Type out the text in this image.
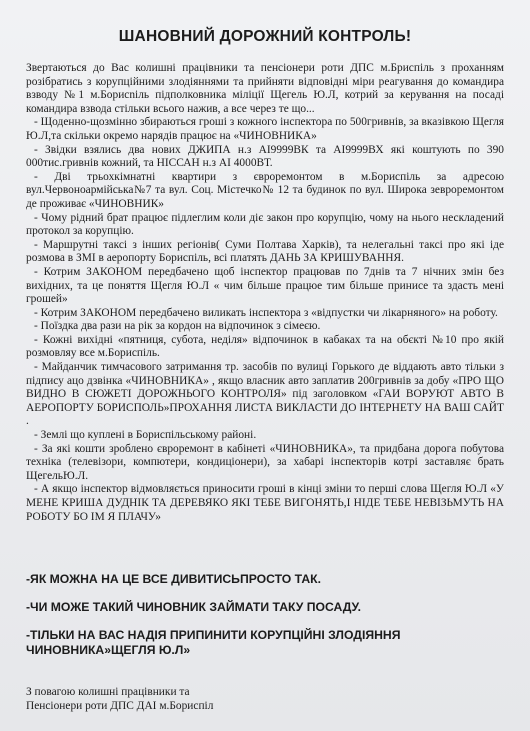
ШАНОВНИЙ ДОРОЖНИЙ КОНТРОЛЬ!

Звертаються до Вас колишні працівники та пенсіонери роти ДПС м.Бриспіль з проханням розібратись з корупційними злодіяннями та прийняти відповідні міри реагування до командира взводу №1 м.Борисniль підполковника міліції Щегель Ю.Л, котрий за керування на посаді командира взвода стільки всього нажив, а все через те що...

- Щоденно-щозмінно збираються гроші з кожного інспектора по 500гривнів, за вказівкою Щегля Ю.Л,та скільки окремо нарядів працює на «ЧИНОВНИКА»

- Звідки взялись два нових ДЖИПА н.з АІ9999ВК та АІ9999ВХ які коштують по 390 000тис.гривнів кожний, та НІССАН н.з АІ 4000ВТ.

- Дві трьохкімнатні квартири з євроремонтом в м.Бориспіль за адресою вул.Червоноармійська№7 та вул. Соц. Містечко№ 12 та будинок по вул. Широка зевроремонтом де проживає «ЧИНОВНИК»

- Чому рідний брат працює підлеглим коли діє закон про корупцію, чому на нього нескладений протокол за корупцію.

- Маршрутні таксі з інших регіонів( Суми Полтава Харків), та нелегальні таксі про які іде розмова в ЗМІ в аеропорту Бориспіль, всі платять ДАНЬ ЗА КРИШУВАННЯ.

- Котрим ЗАКОНОМ передбачено щоб інспектор працював по 7днів та 7 нічних змін без вихідних, та це поняття Щегля Ю.Л « чим більше працюе тим більше принисе та здасть мені грошей»

- Котрим ЗАКОНОМ передбачено виликать інспектора з «відпустки чи лікарняного» на роботу.

- Поїздка два рази на рік за кордон на відпочинок з сімеєю.

- Кожні вихідні «пятниця, субота, неділя» відпочинок в кабаках та на обєкті №10 про якій розмовляу все м.Бориспіль.

- Майданчик тимчасового затримання тр. засобів по вулиці Горького де віддають авто тільки з підпису ацо дзвінка «ЧИНОВНИКА» , якщо власник авто заплатив 200гривнів за добу «ПРО ЩО ВИДНО В СЮЖЕТІ ДОРОЖНЬОГО КОНТРОЛЯ» під заголовком «ГАИ ВОРУЮТ АВТО В АЕРОПОРТУ БОРИСПОЛЬ»ПРОХАННЯ ЛИСТА ВИКЛАСТИ ДО ІНТЕРНЕТУ НА ВАШ САЙТ .

- Землі що куплені в Бориспільському районі.

- За які кошти зроблено євроремонт в кабінеті «ЧИНОВНИКА», та придбана дорога побутова техніка (телевізори, компютери, кондиціонери), за хабарі інспекторів котрі заставляє брать ЩегельЮ.Л.

- А якщо інспектор відмовляється приносити гроші в кінці зміни то перші слова Щегля Ю.Л «У МЕНЕ КРИША ДУДНІК ТА ДЕРЕВЯКО ЯКІ ТЕБЕ ВИГОНЯТЬ,І НІДЕ ТЕБЕ НЕВІЗЬМУТЬ НА РОБОТУ БО ІМ Я ПЛАЧУ»

-ЯК МОЖНА НА ЦЕ ВСЕ ДИВИТИСЬПРОСТО ТАК.

-ЧИ МОЖЕ ТАКИЙ ЧИНОВНИК ЗАЙМАТИ ТАКУ ПОСАДУ.

-ТІЛЬКИ НА ВАС НАДІЯ ПРИПИНИТИ КОРУПЦІЙНІ ЗЛОДІЯННЯ ЧИНОВНИКА»ЩЕГЛЯ Ю.Л»

З повагою колишні працівники та

Пенсіонери роти ДПС ДАІ м.Бориспіл
